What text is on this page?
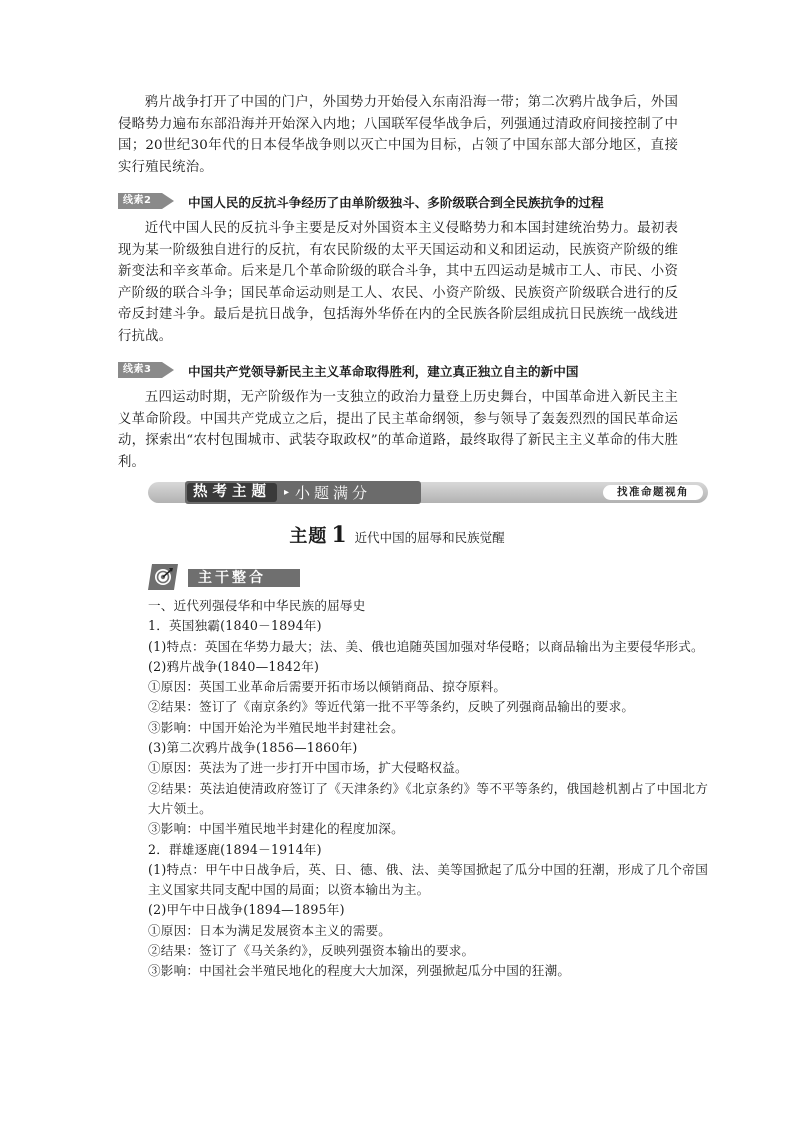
鸦片战争打开了中国的门户，外国势力开始侵入东南沿海一带；第二次鸦片战争后，外国侵略势力遍布东部沿海并开始深入内地；八国联军侵华战争后，列强通过清政府间接控制了中国；20世纪30年代的日本侵华战争则以灭亡中国为目标，占领了中国东部大部分地区，直接实行殖民统治。

线索2	中国人民的反抗斗争经历了由单阶级独斗、多阶级联合到全民族抗争的过程

近代中国人民的反抗斗争主要是反对外国资本主义侵略势力和本国封建统治势力。最初表现为某一阶级独自进行的反抗，有农民阶级的太平天国运动和义和团运动，民族资产阶级的维新变法和辛亥革命。后来是几个革命阶级的联合斗争，其中五四运动是城市工人、市民、小资产阶级的联合斗争；国民革命运动则是工人、农民、小资产阶级、民族资产阶级联合进行的反帝反封建斗争。最后是抗日战争，包括海外华侨在内的全民族各阶层组成抗日民族统一战线进行抗战。

线索3	中国共产党领导新民主主义革命取得胜利，建立真正独立自主的新中国

五四运动时期，无产阶级作为一支独立的政治力量登上历史舞台，中国革命进入新民主主义革命阶段。中国共产党成立之后，提出了民主革命纲领，参与领导了轰轰烈烈的国民革命运动，探索出“农村包围城市、武装夺取政权”的革命道路，最终取得了新民主主义革命的伟大胜利。

热考主题	▸ 小题满分	找准命题视角
主题 1 近代中国的屈辱和民族觉醒
主干整合

一、近代列强侵华和中华民族的屈辱史

1．英国独霸(1840－1894年)

(1)特点：英国在华势力最大；法、美、俄也追随英国加强对华侵略；以商品输出为主要侵华形式。

(2)鸦片战争(1840—1842年)

①原因：英国工业革命后需要开拓市场以倾销商品、掠夺原料。

②结果：签订了《南京条约》等近代第一批不平等条约，反映了列强商品输出的要求。

③影响：中国开始沦为半殖民地半封建社会。

(3)第二次鸦片战争(1856—1860年)

①原因：英法为了进一步打开中国市场，扩大侵略权益。

②结果：英法迫使清政府签订了《天津条约》《北京条约》等不平等条约，俄国趁机割占了中国北方大片领土。

③影响：中国半殖民地半封建化的程度加深。

2．群雄逐鹿(1894－1914年)

(1)特点：甲午中日战争后，英、日、德、俄、法、美等国掀起了瓜分中国的狂潮，形成了几个帝国主义国家共同支配中国的局面；以资本输出为主。

(2)甲午中日战争(1894—1895年)

①原因：日本为满足发展资本主义的需要。

②结果：签订了《马关条约》，反映列强资本输出的要求。

③影响：中国社会半殖民地化的程度大大加深，列强掀起瓜分中国的狂潮。
